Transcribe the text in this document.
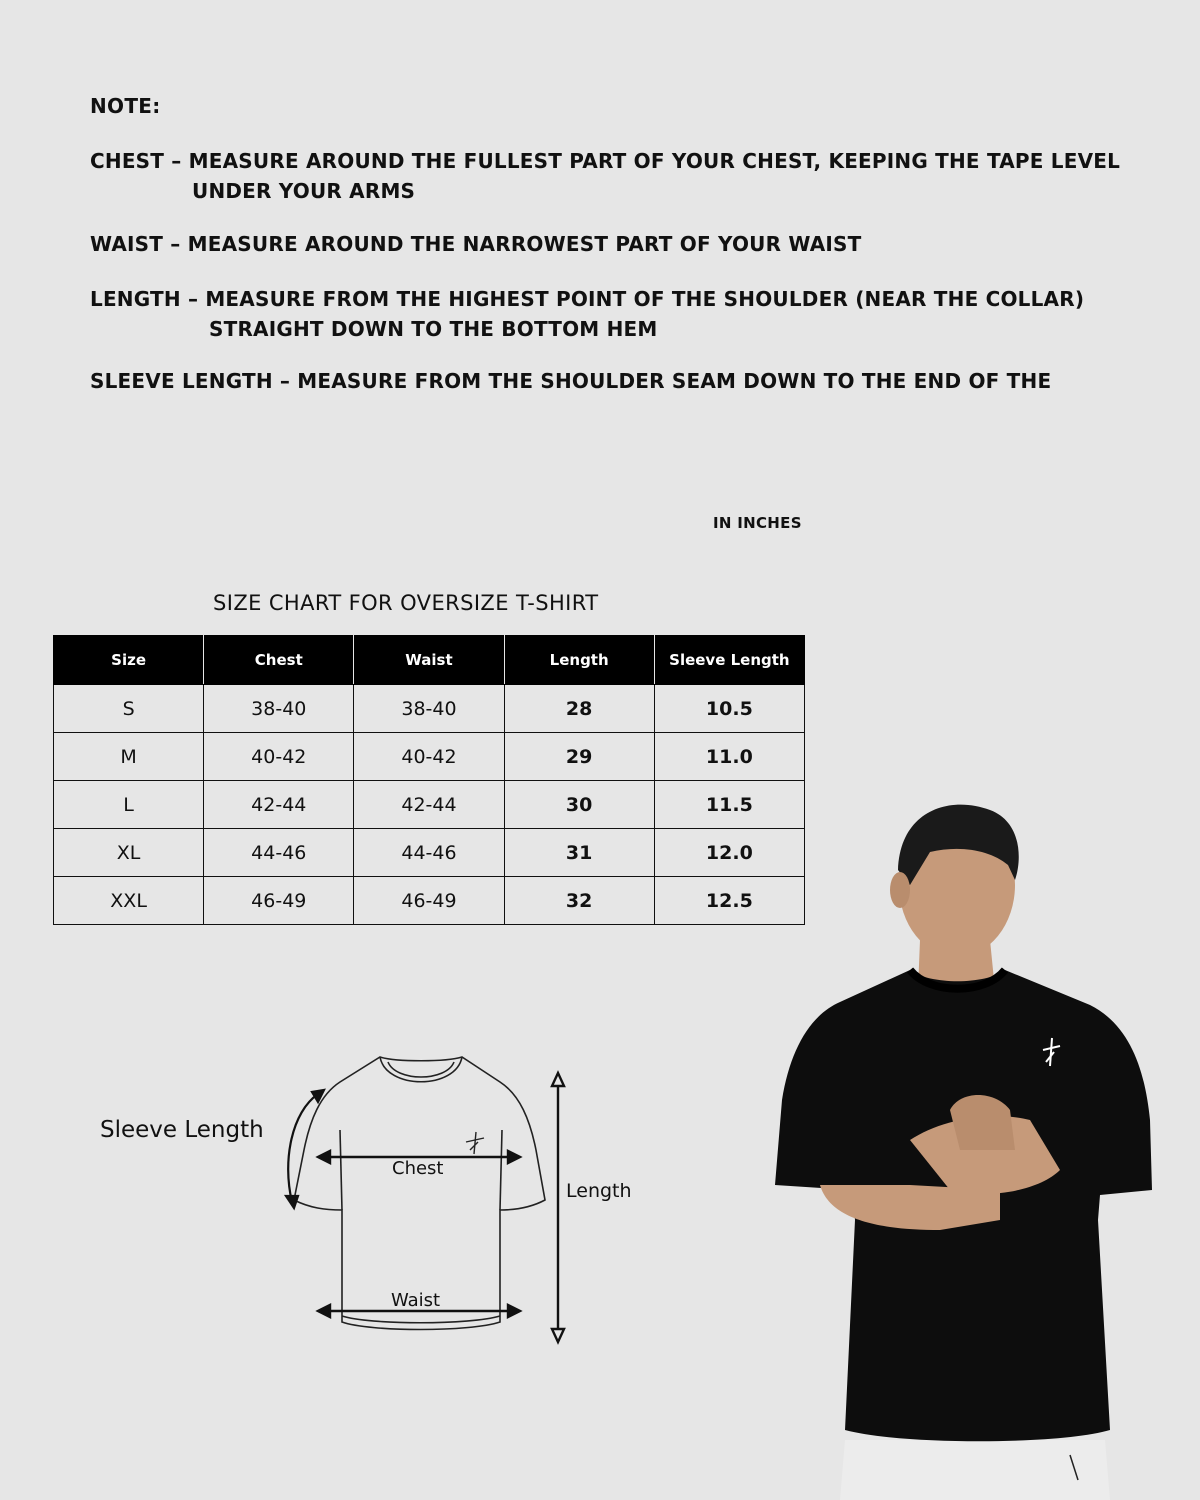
NOTE:
CHEST – MEASURE AROUND THE FULLEST PART OF YOUR CHEST, KEEPING THE TAPE LEVEL
UNDER YOUR ARMS
WAIST – MEASURE AROUND THE NARROWEST PART OF YOUR WAIST
LENGTH – MEASURE FROM THE HIGHEST POINT OF THE SHOULDER (NEAR THE COLLAR)
STRAIGHT DOWN TO THE BOTTOM HEM
SLEEVE LENGTH – MEASURE FROM THE SHOULDER SEAM DOWN TO THE END OF THE
IN INCHES
SIZE CHART FOR OVERSIZE T-SHIRT
Size	Chest	Waist	Length	Sleeve Length
S	38-40	38-40	28	10.5
M	40-42	40-42	29	11.0
L	42-44	42-44	30	11.5
XL	44-46	44-46	31	12.0
XXL	46-49	46-49	32	12.5
Sleeve Length
Chest
Length
Waist
